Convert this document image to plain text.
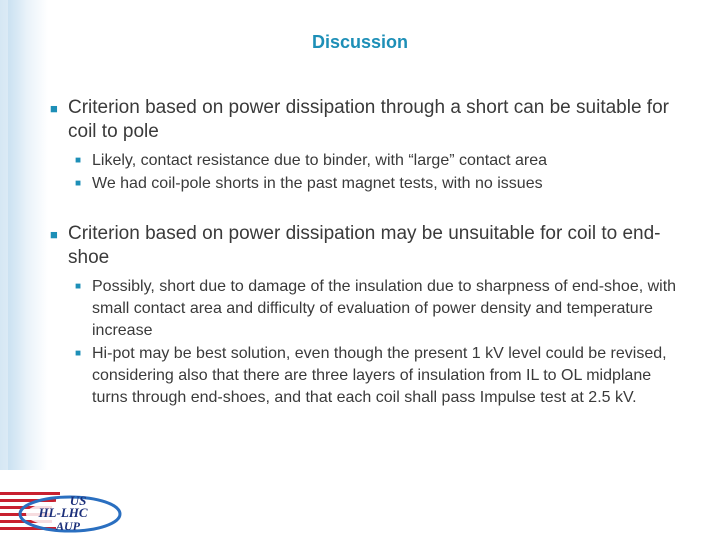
Discussion
■ Criterion based on power dissipation through a short can be suitable for coil to pole
■ Likely, contact resistance due to binder, with “large” contact area
■ We had coil-pole shorts in the past magnet tests, with no issues
■ Criterion based on power dissipation may be unsuitable for coil to end-shoe
■ Possibly, short due to damage of the insulation due to sharpness of end-shoe, with small contact area and difficulty of evaluation of power density and temperature increase
■ Hi-pot may be best solution, even though the present 1 kV level could be revised, considering also that there are three layers of insulation from IL to OL midplane turns through end-shoes, and that each coil shall pass Impulse test at 2.5 kV.
US
HL-LHC
AUP
